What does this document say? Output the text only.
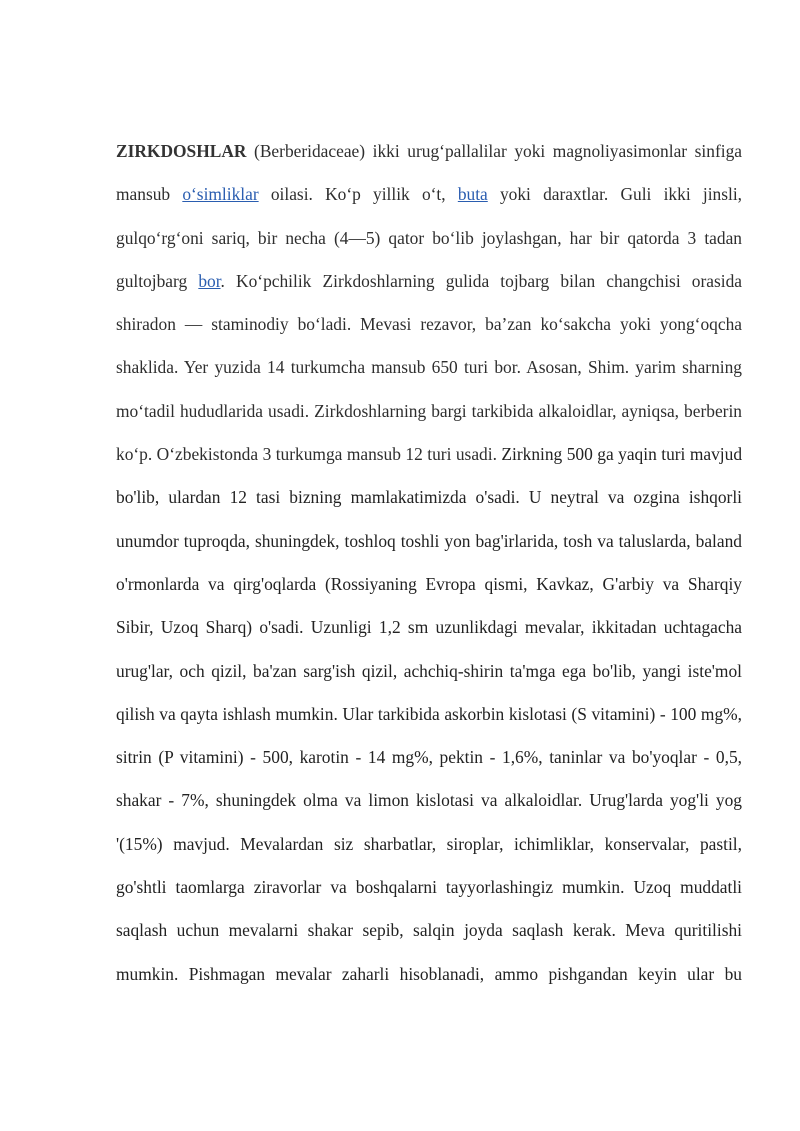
ZIRKDOSHLAR (Berberidaceae) ikki urug‘pallalilar yoki magnoliyasimonlar sinfiga mansub o‘simliklar oilasi. Ko‘p yillik o‘t, buta yoki daraxtlar. Guli ikki jinsli, gulqo‘rg‘oni sariq, bir necha (4—5) qator bo‘lib joylashgan, har bir qatorda 3 tadan gultojbarg bor. Ko‘pchilik Zirkdoshlarning gulida tojbarg bilan changchisi orasida shiradon — staminodiy bo‘ladi. Mevasi rezavor, ba’zan ko‘sakcha yoki yong‘oqcha shaklida. Yer yuzida 14 turkumcha mansub 650 turi bor. Asosan, Shim. yarim sharning mo‘tadil hududlarida usadi. Zirkdoshlarning bargi tarkibida alkaloidlar, ayniqsa, berberin ko‘p. O‘zbekistonda 3 turkumga mansub 12 turi usadi. Zirkning 500 ga yaqin turi mavjud bo'lib, ulardan 12 tasi bizning mamlakatimizda o'sadi. U neytral va ozgina ishqorli unumdor tuproqda, shuningdek, toshloq toshli yon bag'irlarida, tosh va taluslarda, baland o'rmonlarda va qirg'oqlarda (Rossiyaning Evropa qismi, Kavkaz, G'arbiy va Sharqiy Sibir, Uzoq Sharq) o'sadi. Uzunligi 1,2 sm uzunlikdagi mevalar, ikkitadan uchtagacha urug'lar, och qizil, ba'zan sarg'ish qizil, achchiq-shirin ta'mga ega bo'lib, yangi iste'mol qilish va qayta ishlash mumkin. Ular tarkibida askorbin kislotasi (S vitamini) - 100 mg%, sitrin (P vitamini) - 500, karotin - 14 mg%, pektin - 1,6%, taninlar va bo'yoqlar - 0,5, shakar - 7%, shuningdek olma va limon kislotasi va alkaloidlar. Urug'larda yog'li yog '(15%) mavjud. Mevalardan siz sharbatlar, siroplar, ichimliklar, konservalar, pastil, go'shtli taomlarga ziravorlar va boshqalarni tayyorlashingiz mumkin. Uzoq muddatli saqlash uchun mevalarni shakar sepib, salqin joyda saqlash kerak. Meva quritilishi mumkin. Pishmagan mevalar zaharli hisoblanadi, ammo pishgandan keyin ular bu
